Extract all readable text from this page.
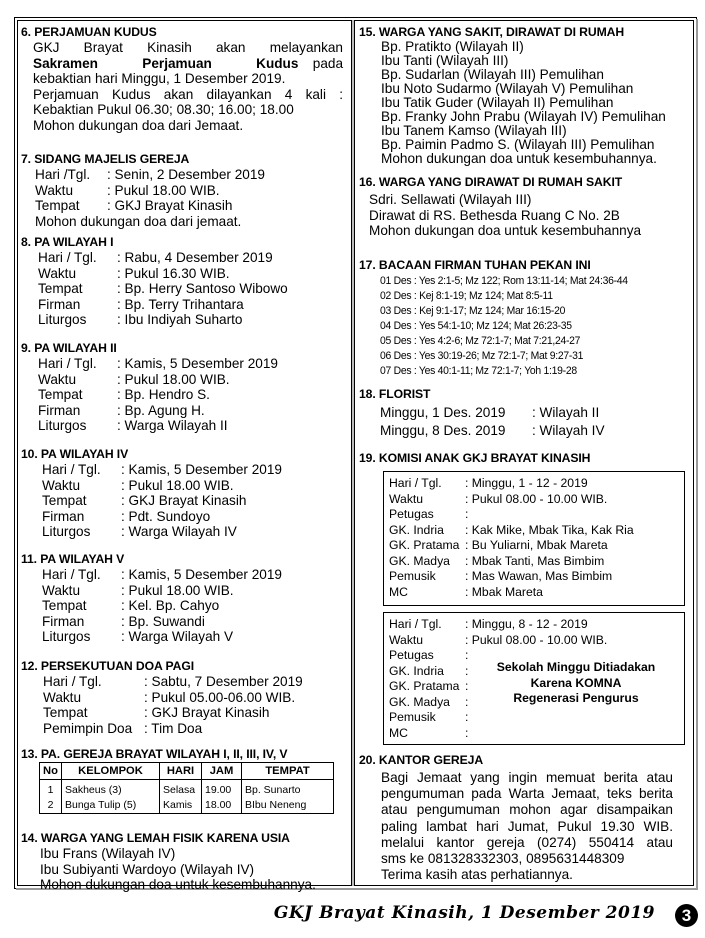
6. PERJAMUAN KUDUS
GKJ Brayat Kinasih akan melayankan
Sakramen Perjamuan Kudus pada
kebaktian hari Minggu, 1 Desember 2019.
Perjamuan Kudus akan dilayankan 4 kali :
Kebaktian Pukul 06.30; 08.30; 16.00; 18.00
Mohon dukungan doa dari Jemaat.
7. SIDANG MAJELIS GEREJA
Hari /Tgl.	: Senin, 2 Desember 2019
Waktu	: Pukul 18.00 WIB.
Tempat	: GKJ Brayat Kinasih
Mohon dukungan doa dari jemaat.
8. PA WILAYAH I
Hari / Tgl.	: Rabu, 4 Desember 2019
Waktu	: Pukul 16.30 WIB.
Tempat	: Bp. Herry Santoso Wibowo
Firman	: Bp. Terry Trihantara
Liturgos	: Ibu Indiyah Suharto
9. PA WILAYAH II
Hari / Tgl.	: Kamis, 5 Desember 2019
Waktu	: Pukul 18.00 WIB.
Tempat	: Bp. Hendro S.
Firman	: Bp. Agung H.
Liturgos	: Warga Wilayah II
10. PA WILAYAH IV
Hari / Tgl.	: Kamis, 5 Desember 2019
Waktu	: Pukul 18.00 WIB.
Tempat	: GKJ Brayat Kinasih
Firman	: Pdt. Sundoyo
Liturgos	: Warga Wilayah IV
11. PA WILAYAH V
Hari / Tgl.	: Kamis, 5 Desember 2019
Waktu	: Pukul 18.00 WIB.
Tempat	: Kel. Bp. Cahyo
Firman	: Bp. Suwandi
Liturgos	: Warga Wilayah V
12. PERSEKUTUAN DOA PAGI
Hari / Tgl.	: Sabtu, 7 Desember 2019
Waktu	: Pukul 05.00-06.00 WIB.
Tempat	: GKJ Brayat Kinasih
Pemimpin Doa : Tim Doa
13. PA. GEREJA BRAYAT WILAYAH I, II, III, IV, V
No	KELOMPOK	HARI	JAM	TEMPAT
1	Sakheus (3)	Selasa	19.00	Bp. Sunarto
2	Bunga Tulip (5)	Kamis	18.00	BIbu Neneng
14. WARGA YANG LEMAH FISIK KARENA USIA
Ibu Frans (Wilayah IV)
Ibu Subiyanti Wardoyo (Wilayah IV)
Mohon dukungan doa untuk kesembuhannya.
15. WARGA YANG SAKIT, DIRAWAT DI RUMAH
Bp. Pratikto (Wilayah II)
Ibu Tanti (Wilayah III)
Bp. Sudarlan (Wilayah III) Pemulihan
Ibu Noto Sudarmo (Wilayah V) Pemulihan
Ibu Tatik Guder (Wilayah II) Pemulihan
Bp. Franky John Prabu (Wilayah IV) Pemulihan
Ibu Tanem Kamso (Wilayah III)
Bp. Paimin Padmo S. (Wilayah III) Pemulihan
Mohon dukungan doa untuk kesembuhannya.
16. WARGA YANG DIRAWAT DI RUMAH SAKIT
Sdri. Sellawati (Wilayah III)
Dirawat di RS. Bethesda Ruang C No. 2B
Mohon dukungan doa untuk kesembuhannya
17. BACAAN FIRMAN TUHAN PEKAN INI
01 Des : Yes 2:1-5; Mz 122; Rom 13:11-14; Mat 24:36-44
02 Des : Kej 8:1-19; Mz 124; Mat 8:5-11
03 Des : Kej 9:1-17; Mz 124; Mar 16:15-20
04 Des : Yes 54:1-10; Mz 124; Mat 26:23-35
05 Des : Yes 4:2-6; Mz 72:1-7; Mat 7:21,24-27
06 Des : Yes 30:19-26; Mz 72:1-7; Mat 9:27-31
07 Des : Yes 40:1-11; Mz 72:1-7; Yoh 1:19-28
18. FLORIST
Minggu, 1 Des. 2019	: Wilayah II
Minggu, 8 Des. 2019	: Wilayah IV
19. KOMISI ANAK GKJ BRAYAT KINASIH
Hari / Tgl.	: Minggu, 1 - 12 - 2019
Waktu	: Pukul 08.00 - 10.00 WIB.
Petugas	:
GK. Indria	: Kak Mike, Mbak Tika, Kak Ria
GK. Pratama : Bu Yuliarni, Mbak Mareta
GK. Madya	: Mbak Tanti, Mas Bimbim
Pemusik	: Mas Wawan, Mas Bimbim
MC	: Mbak Mareta
Hari / Tgl.	: Minggu, 8 - 12 - 2019
Waktu	: Pukul 08.00 - 10.00 WIB.
Petugas	:
GK. Indria	:
GK. Pratama :
GK. Madya	:
Pemusik	:
MC	:
Sekolah Minggu Ditiadakan
Karena KOMNA
Regenerasi Pengurus
20. KANTOR GEREJA
Bagi Jemaat yang ingin memuat berita atau
pengumuman pada Warta Jemaat, teks berita
atau pengumuman mohon agar disampaikan
paling lambat hari Jumat, Pukul 19.30 WIB.
melalui kantor gereja (0274) 550414 atau
sms ke 081328332303, 0895631448309
Terima kasih atas perhatiannya.
GKJ Brayat Kinasih, 1 Desember 2019	3
